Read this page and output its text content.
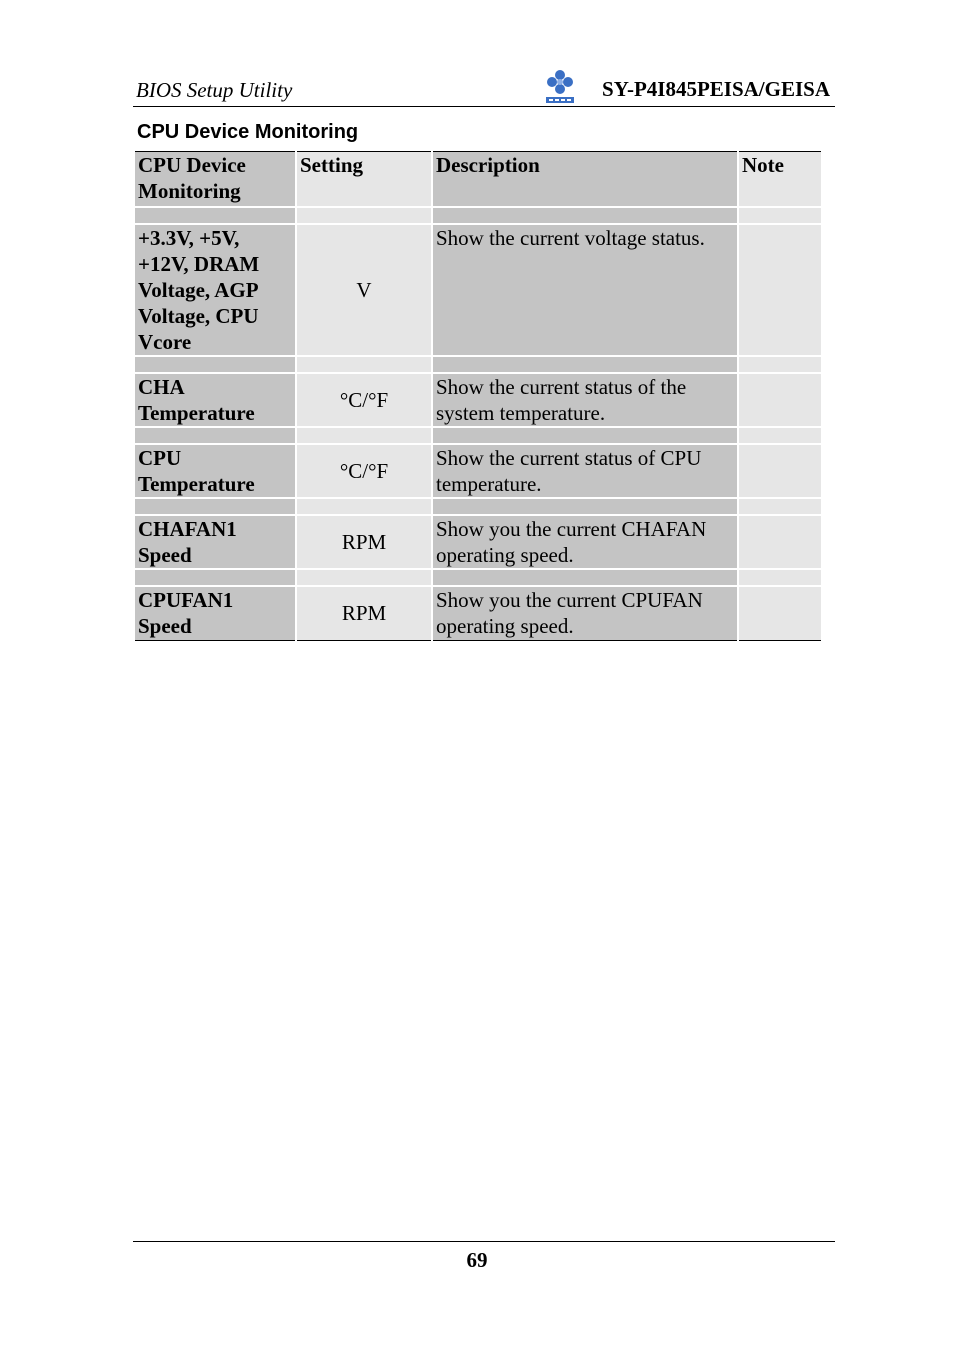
BIOS Setup Utility	SY-P4I845PEISA/GEISA
CPU Device Monitoring
CPU Device Monitoring	Setting	Description	Note

+3.3V, +5V, +12V, DRAM Voltage, AGP Voltage, CPU Vcore	V	Show the current voltage status.	

CHA Temperature	°C/°F	Show the current status of the system temperature.	

CPU Temperature	°C/°F	Show the current status of CPU temperature.	

CHAFAN1 Speed	RPM	Show you the current CHAFAN operating speed.	

CPUFAN1 Speed	RPM	Show you the current CPUFAN operating speed.	
69
